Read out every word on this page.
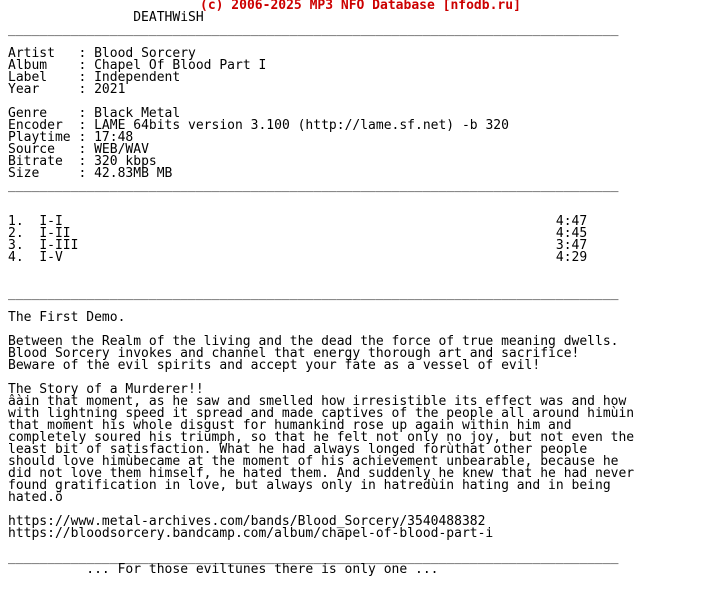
(c) 2006-2025 MP3 NFO Database [nfodb.ru]

DEATHWiSH
______________________________________________________________________________

Artist   : Blood Sorcery
Album    : Chapel Of Blood Part I
Label    : Independent
Year     : 2021

Genre    : Black Metal
Encoder  : LAME 64bits version 3.100 (http://lame.sf.net) -b 320
Playtime : 17:48
Source   : WEB/WAV
Bitrate  : 320 kbps
Size     : 42.83MB MB
______________________________________________________________________________

1. I-I	4:47
2. I-II	4:45
3. I-III	3:47
4. I-V	4:29

______________________________________________________________________________

The First Demo.

Between the Realm of the living and the dead the force of true meaning dwells.
Blood Sorcery invokes and channel that energy thorough art and sacrifice!
Beware of the evil spirits and accept your fate as a vessel of evil!

The Story of a Murderer!!
âàin that moment, as he saw and smelled how irresistible its effect was and how
with lightning speed it spread and made captives of the people all around himùin
that moment his whole disgust for humankind rose up again within him and
completely soured his triumph, so that he felt not only no joy, but not even the
least bit of satisfaction. What he had always longed forùthat other people
should love himùbecame at the moment of his achievement unbearable, because he
did not love them himself, he hated them. And suddenly he knew that he had never
found gratification in love, but always only in hatredùin hating and in being
hated.ö

https://www.metal-archives.com/bands/Blood_Sorcery/3540488382
https://bloodsorcery.bandcamp.com/album/chapel-of-blood-part-i

______________________________________________________________________________
... For those eviltunes there is only one ...
